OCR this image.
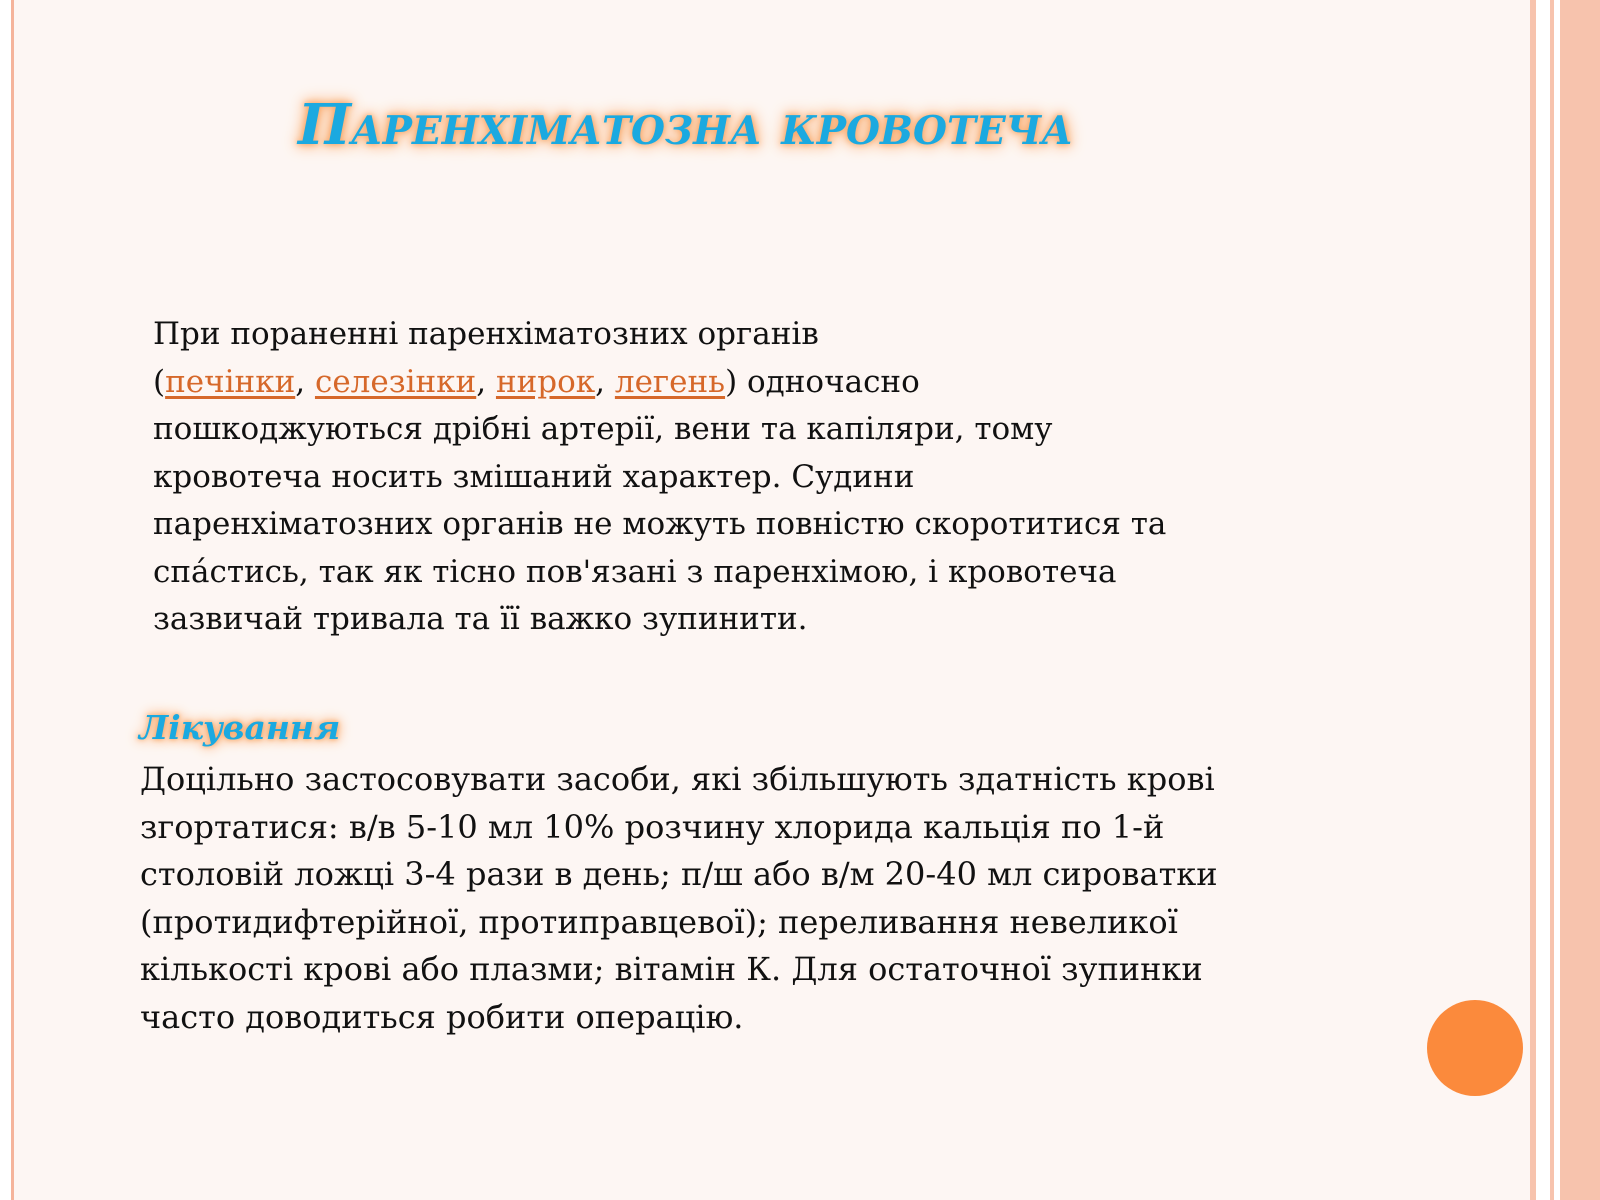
Паренхіматозна кровотеча

При пораненні паренхіматозних органів
(печінки, селезінки, нирок, легень) одночасно
пошкоджуються дрібні артерії, вени та капіляри, тому
кровотеча носить змішаний характер. Судини
паренхіматозних органів не можуть повністю скоротитися та
спа́стись, так як тісно пов'язані з паренхімою, і кровотеча
зазвичай тривала та її важко зупинити.

Лікування

Доцільно застосовувати засоби, які збільшують здатність крові
згортатися: в/в 5-10 мл 10% розчину хлорида кальція по 1-й
столовій ложці 3-4 рази в день; п/ш або в/м 20-40 мл сироватки
(протидифтерійної, протиправцевої); переливання невеликої
кількості крові або плазми; вітамін К. Для остаточної зупинки
часто доводиться робити операцію.
